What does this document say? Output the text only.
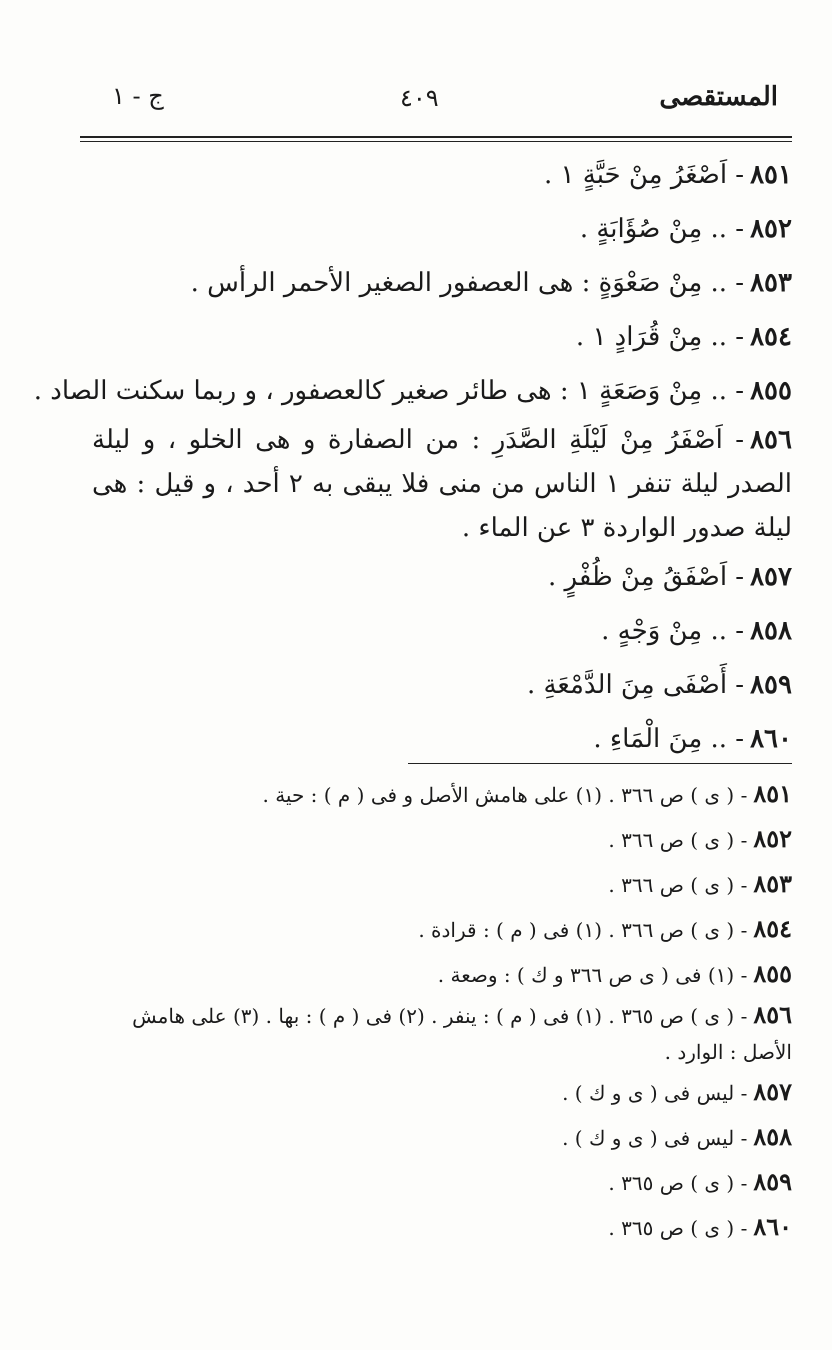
المستقصى
٤٠٩
ج - ١
٨٥١- اَصْغَرُ مِنْ حَبَّةٍ ١ .
٨٥٢- .. مِنْ صُؤَابَةٍ .
٨٥٣- .. مِنْ صَعْوَةٍ : هى العصفور الصغير الأحمر الرأس .
٨٥٤- .. مِنْ قُرَادٍ ١ .
٨٥٥- .. مِنْ وَصَعَةٍ ١ : هى طائر صغير كالعصفور ، و ربما سكنت الصاد .
٨٥٦- اَصْفَرُ مِنْ لَيْلَةِ الصَّدَرِ : من الصفارة و هى الخلو ، و ليلة الصدر ليلة تنفر ١ الناس من منى فلا يبقى به ٢ أحد ، و قيل : هى ليلة صدور الواردة ٣ عن الماء .
٨٥٧- اَصْفَقُ مِنْ ظُفْرٍ .
٨٥٨- .. مِنْ وَجْهٍ .
٨٥٩- أَصْفَى مِنَ الدَّمْعَةِ .
٨٦٠- .. مِنَ الْمَاءِ .
٨٥١- ( ى ) ص ٣٦٦ . (١) على هامش الأصل و فى ( م ) : حية .
٨٥٢- ( ى ) ص ٣٦٦ .
٨٥٣- ( ى ) ص ٣٦٦ .
٨٥٤- ( ى ) ص ٣٦٦ . (١) فى ( م ) : قرادة .
٨٥٥- (١) فى ( ى ص ٣٦٦ و ك ) : وصعة .
٨٥٦- ( ى ) ص ٣٦٥ . (١) فى ( م ) : ينفر . (٢) فى ( م ) : بها . (٣) على هامش الأصل : الوارد .
٨٥٧- ليس فى ( ى و ك ) .
٨٥٨- ليس فى ( ى و ك ) .
٨٥٩- ( ى ) ص ٣٦٥ .
٨٦٠- ( ى ) ص ٣٦٥ .
